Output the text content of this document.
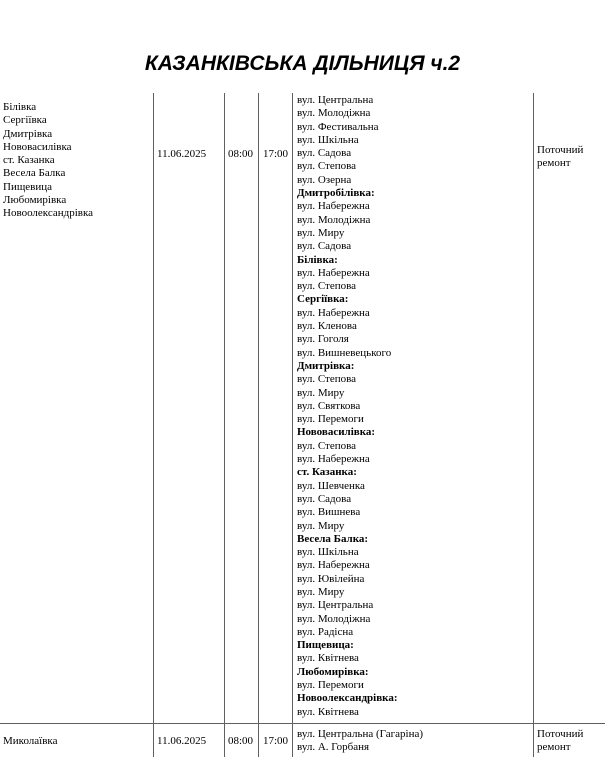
КАЗАНКІВСЬКА ДІЛЬНИЦЯ ч.2
Білівка
Сергіївка
Дмитрівка
Нововасилівка
ст. Казанка
Весела Балка
Пищевица
Любомирівка
Новоолександрівка
11.06.2025 08:00 17:00
вул. Центральна
вул. Молодіжна
вул. Фестивальна
вул. Шкільна
вул. Садова
вул. Степова
вул. Озерна
Дмитробілівка:
вул. Набережна
вул. Молодіжна
вул. Миру
вул. Садова
Білівка:
вул. Набережна
вул. Степова
Сергіївка:
вул. Набережна
вул. Кленова
вул. Гоголя
вул. Вишневецького
Дмитрівка:
вул. Степова
вул. Миру
вул. Святкова
вул. Перемоги
Нововасилівка:
вул. Степова
вул. Набережна
ст. Казанка:
вул. Шевченка
вул. Садова
вул. Вишнева
вул. Миру
Весела Балка:
вул. Шкільна
вул. Набережна
вул. Ювілейна
вул. Миру
вул. Центральна
вул. Молодіжна
вул. Радісна
Пищевица:
вул. Квітнева
Любомирівка:
вул. Перемоги
Новоолександрівка:
вул. Квітнева
Поточний ремонт
Миколаївка	11.06.2025 08:00 17:00
вул. Центральна (Гагаріна)
вул. А. Горбаня
Поточний ремонт
